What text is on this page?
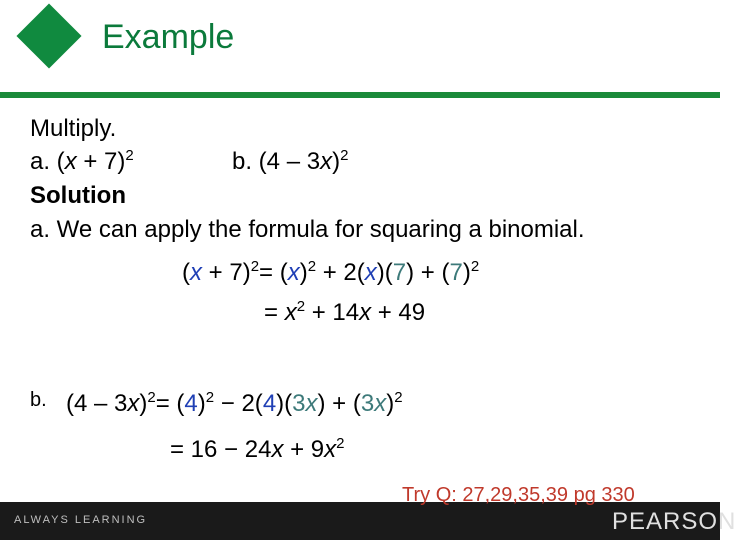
Example
Multiply.
a. $(x + 7)^2$	b. (4 – 3x)$^2$
Solution
a. We can apply the formula for squaring a binomial.
$(x + 7)^2= (x)^2 + 2(x)(7) + (7)^2$
= $x^2 + 14x + 49$
b. $(4 - 3x)^2= (4)^2 - 2(4)(3x) + (3x)^2$
= $16 - 24x + 9x^2$
Try Q: 27,29,35,39 pg 330
ALWAYS LEARNING	PEARSON
